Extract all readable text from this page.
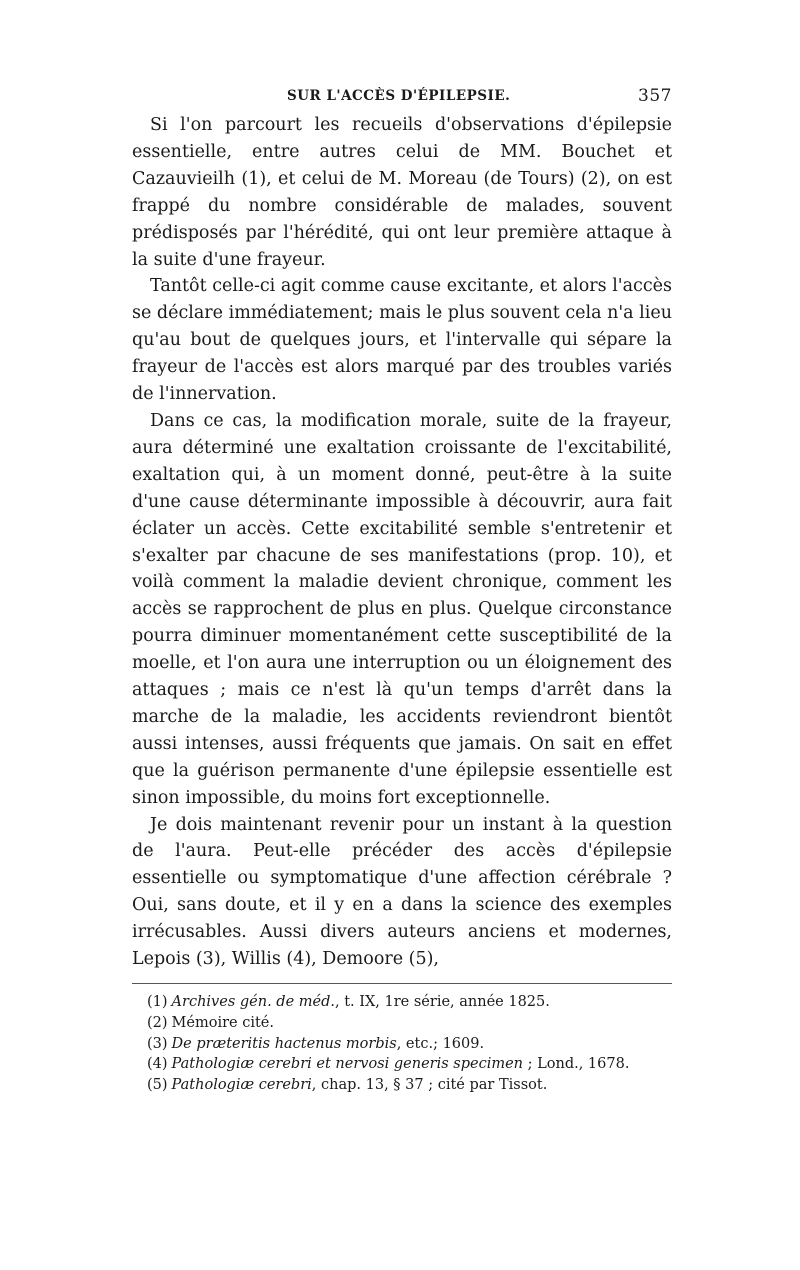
SUR L'ACCÈS D'ÉPILEPSIE.	357

Si l'on parcourt les recueils d'observations d'épilepsie essentielle, entre autres celui de MM. Bouchet et Cazauvieilh (1), et celui de M. Moreau (de Tours) (2), on est frappé du nombre considérable de malades, souvent prédisposés par l'hérédité, qui ont leur première attaque à la suite d'une frayeur.

Tantôt celle-ci agit comme cause excitante, et alors l'accès se déclare immédiatement; mais le plus souvent cela n'a lieu qu'au bout de quelques jours, et l'intervalle qui sépare la frayeur de l'accès est alors marqué par des troubles variés de l'innervation.

Dans ce cas, la modification morale, suite de la frayeur, aura déterminé une exaltation croissante de l'excitabilité, exaltation qui, à un moment donné, peut-être à la suite d'une cause déterminante impossible à découvrir, aura fait éclater un accès. Cette excitabilité semble s'entretenir et s'exalter par chacune de ses manifestations (prop. 10), et voilà comment la maladie devient chronique, comment les accès se rapprochent de plus en plus. Quelque circonstance pourra diminuer momentanément cette susceptibilité de la moelle, et l'on aura une interruption ou un éloignement des attaques ; mais ce n'est là qu'un temps d'arrêt dans la marche de la maladie, les accidents reviendront bientôt aussi intenses, aussi fréquents que jamais. On sait en effet que la guérison permanente d'une épilepsie essentielle est sinon impossible, du moins fort exceptionnelle.

Je dois maintenant revenir pour un instant à la question de l'aura. Peut-elle précéder des accès d'épilepsie essentielle ou symptomatique d'une affection cérébrale ? Oui, sans doute, et il y en a dans la science des exemples irrécusables. Aussi divers auteurs anciens et modernes, Lepois (3), Willis (4), Demoore (5),

(1) Archives gén. de méd., t. IX, 1re série, année 1825.

(2) Mémoire cité.

(3) De præteritis hactenus morbis, etc.; 1609.

(4) Pathologiæ cerebri et nervosi generis specimen ; Lond., 1678.

(5) Pathologiæ cerebri, chap. 13, § 37 ; cité par Tissot.
